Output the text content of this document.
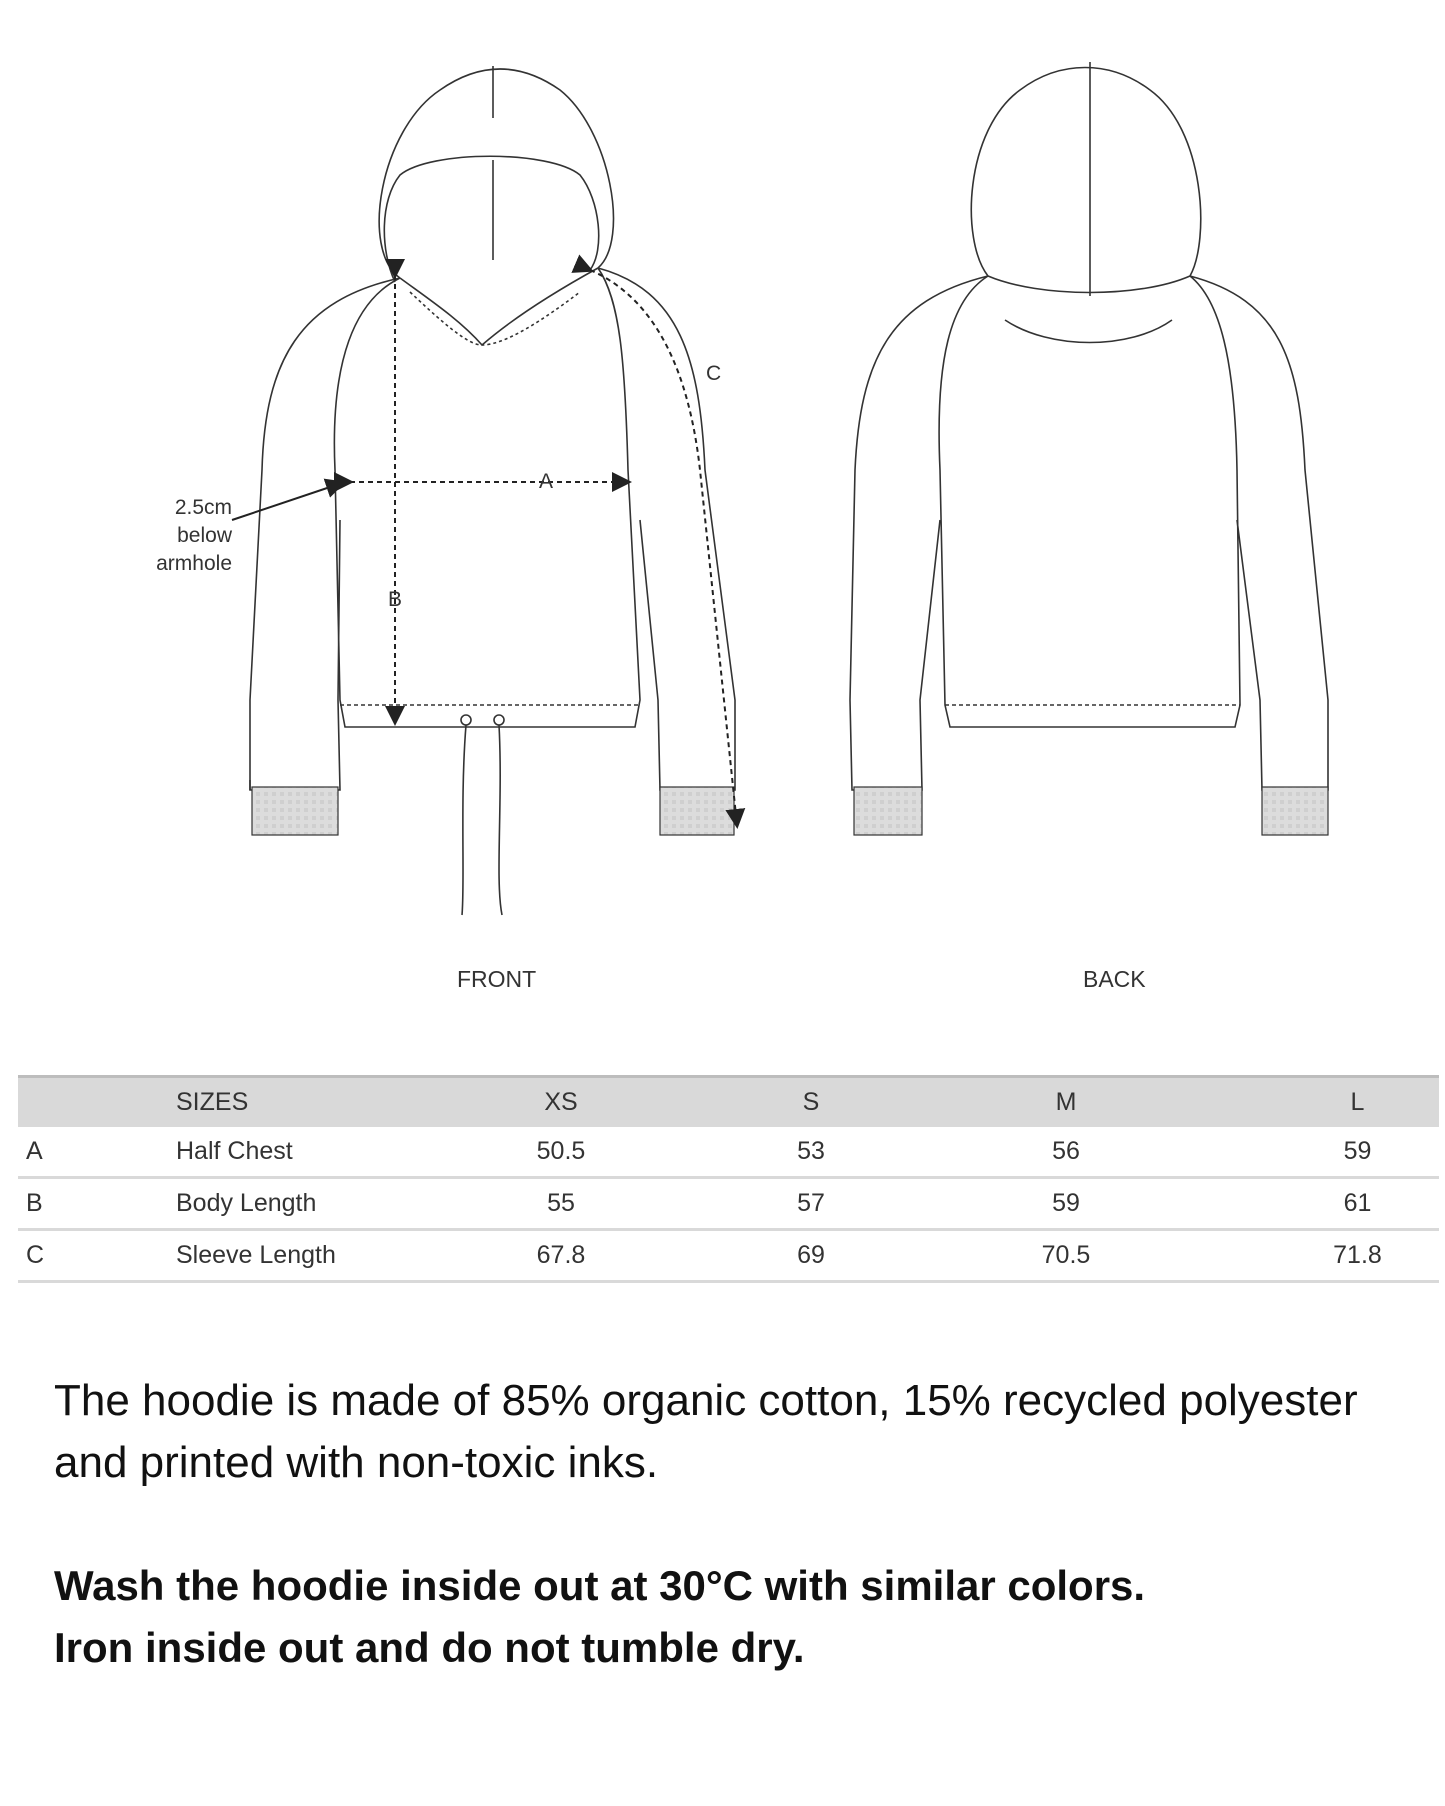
2.5cm below
armhole
A
B
C
FRONT	BACK
	SIZES	XS	S	M	L
A	Half Chest	50.5	53	56	59
B	Body Length	55	57	59	61
C	Sleeve Length	67.8	69	70.5	71.8
The hoodie is made of 85% organic cotton, 15% recycled polyester and printed with non-toxic inks.
Wash the hoodie inside out at 30°C with similar colors.
Iron inside out and do not tumble dry.
